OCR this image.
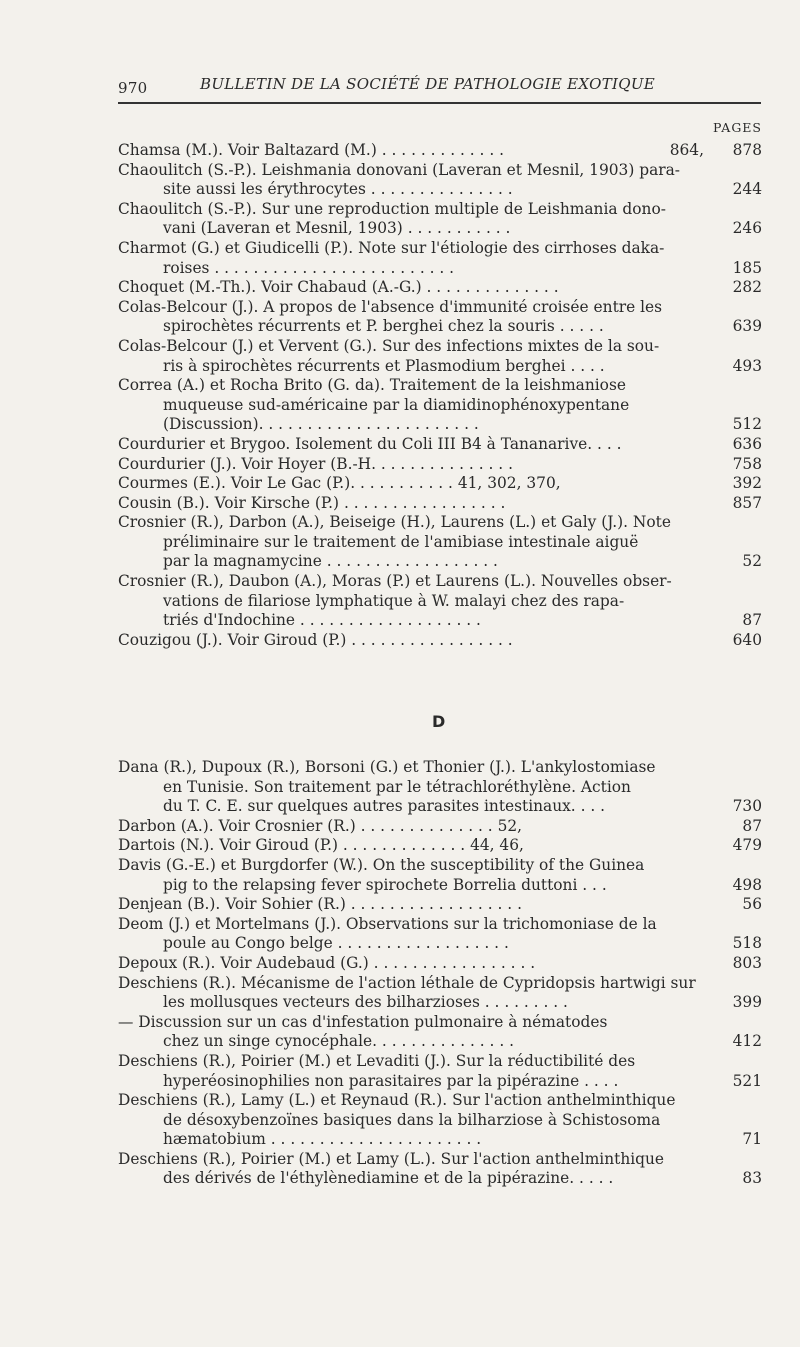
970	BULLETIN DE LA SOCIÉTÉ DE PATHOLOGIE EXOTIQUE
PAGES
Chamsa (M.). Voir Baltazard (M.) . . . . . . . . . . . . .	864, 878
Chaoulitch (S.-P.). Leishmania donovani (Laveran et Mesnil, 1903) para-
site aussi les érythrocytes . . . . . . . . . . . . . . .	244
Chaoulitch (S.-P.). Sur une reproduction multiple de Leishmania dono-
vani (Laveran et Mesnil, 1903) . . . . . . . . . . .	246
Charmot (G.) et Giudicelli (P.). Note sur l'étiologie des cirrhoses daka-
roises . . . . . . . . . . . . . . . . . . . . . . . . .	185
Choquet (M.-Th.). Voir Chabaud (A.-G.) . . . . . . . . . . . . . .	282
Colas-Belcour (J.). A propos de l'absence d'immunité croisée entre les
spirochètes récurrents et P. berghei chez la souris . . . . .	639
Colas-Belcour (J.) et Vervent (G.). Sur des infections mixtes de la sou-
ris à spirochètes récurrents et Plasmodium berghei . . . .	493
Correa (A.) et Rocha Brito (G. da). Traitement de la leishmaniose
muqueuse sud-américaine par la diamidinophénoxypentane
(Discussion). . . . . . . . . . . . . . . . . . . . . . .	512
Courdurier et Brygoo. Isolement du Coli III B4 à Tananarive. . . .	636
Courdurier (J.). Voir Hoyer (B.-H. . . . . . . . . . . . . . .	758
Courmes (E.). Voir Le Gac (P.). . . . . . . . . . . 41, 302, 370,	392
Cousin (B.). Voir Kirsche (P.) . . . . . . . . . . . . . . . . .	857
Crosnier (R.), Darbon (A.), Beiseige (H.), Laurens (L.) et Galy (J.). Note
préliminaire sur le traitement de l'amibiase intestinale aiguë
par la magnamycine . . . . . . . . . . . . . . . . . .	52
Crosnier (R.), Daubon (A.), Moras (P.) et Laurens (L.). Nouvelles obser-
vations de filariose lymphatique à W. malayi chez des rapa-
triés d'Indochine . . . . . . . . . . . . . . . . . . .	87
Couzigou (J.). Voir Giroud (P.) . . . . . . . . . . . . . . . . .	640
D
Dana (R.), Dupoux (R.), Borsoni (G.) et Thonier (J.). L'ankylostomiase
en Tunisie. Son traitement par le tétrachloréthylène. Action
du T. C. E. sur quelques autres parasites intestinaux. . . .	730
Darbon (A.). Voir Crosnier (R.) . . . . . . . . . . . . . . 52,	87
Dartois (N.). Voir Giroud (P.) . . . . . . . . . . . . . 44, 46,	479
Davis (G.-E.) et Burgdorfer (W.). On the susceptibility of the Guinea
pig to the relapsing fever spirochete Borrelia duttoni . . .	498
Denjean (B.). Voir Sohier (R.) . . . . . . . . . . . . . . . . . .	56
Deom (J.) et Mortelmans (J.). Observations sur la trichomoniase de la
poule au Congo belge . . . . . . . . . . . . . . . . . .	518
Depoux (R.). Voir Audebaud (G.) . . . . . . . . . . . . . . . . .	803
Deschiens (R.). Mécanisme de l'action léthale de Cypridopsis hartwigi sur
les mollusques vecteurs des bilharzioses . . . . . . . . .	399
— Discussion sur un cas d'infestation pulmonaire à nématodes
chez un singe cynocéphale. . . . . . . . . . . . . . .	412
Deschiens (R.), Poirier (M.) et Levaditi (J.). Sur la réductibilité des
hyperéosinophilies non parasitaires par la pipérazine . . . .	521
Deschiens (R.), Lamy (L.) et Reynaud (R.). Sur l'action anthelminthique
de désoxybenzoïnes basiques dans la bilharziose à Schistosoma
hæmatobium . . . . . . . . . . . . . . . . . . . . . .	71
Deschiens (R.), Poirier (M.) et Lamy (L.). Sur l'action anthelminthique
des dérivés de l'éthylènediamine et de la pipérazine. . . . .	83
